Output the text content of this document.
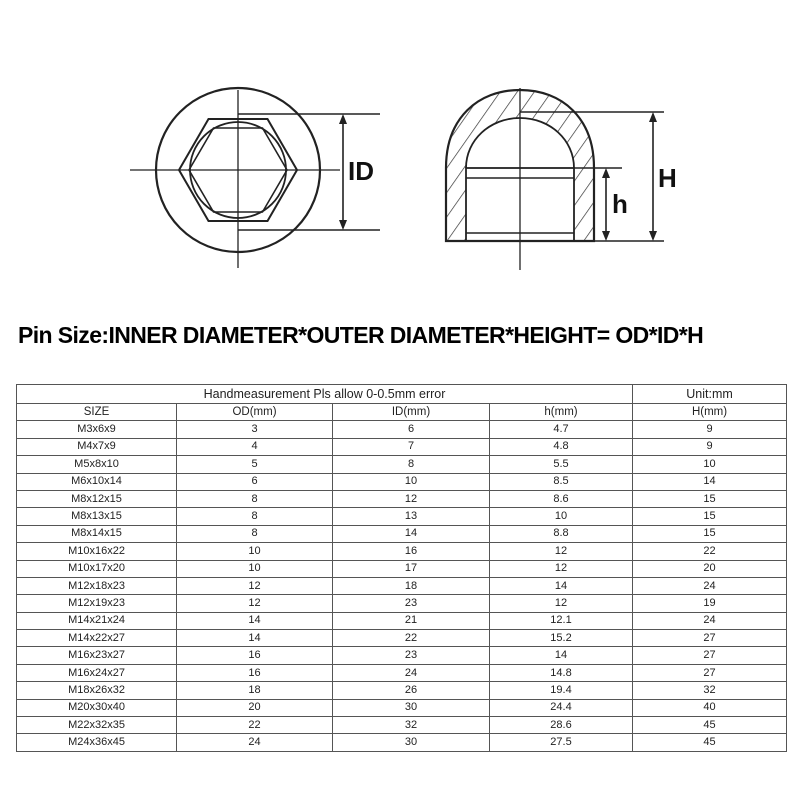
ID	H
h
Pin Size:INNER DIAMETER*OUTER DIAMETER*HEIGHT= OD*ID*H
Handmeasurement Pls allow 0-0.5mm error				Unit:mm
SIZE	OD(mm)	ID(mm)	h(mm)	H(mm)
M3x6x9	3	6	4.7	9
M4x7x9	4	7	4.8	9
M5x8x10	5	8	5.5	10
M6x10x14	6	10	8.5	14
M8x12x15	8	12	8.6	15
M8x13x15	8	13	10	15
M8x14x15	8	14	8.8	15
M10x16x22	10	16	12	22
M10x17x20	10	17	12	20
M12x18x23	12	18	14	24
M12x19x23	12	23	12	19
M14x21x24	14	21	12.1	24
M14x22x27	14	22	15.2	27
M16x23x27	16	23	14	27
M16x24x27	16	24	14.8	27
M18x26x32	18	26	19.4	32
M20x30x40	20	30	24.4	40
M22x32x35	22	32	28.6	45
M24x36x45	24	30	27.5	45
